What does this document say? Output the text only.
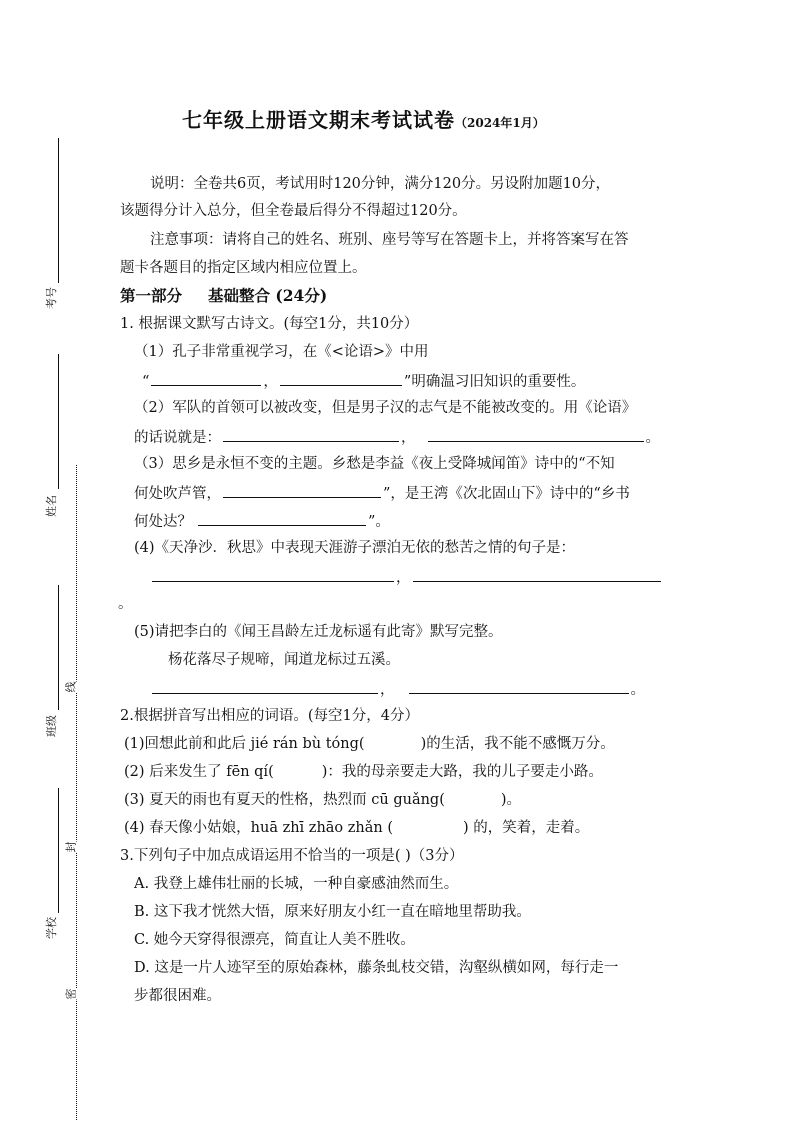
考号
姓名
班级
学校
线
封
密
七年级上册语文期末考试试卷（2024年1月）
说明：全卷共6页，考试用时120分钟，满分120分。另设附加题10分，
该题得分计入总分，但全卷最后得分不得超过120分。
注意事项：请将自己的姓名、班别、座号等写在答题卡上，并将答案写在答
题卡各题目的指定区域内相应位置上。
第一部分 基础整合 (24分)
1. 根据课文默写古诗文。(每空1分，共10分）
（1）孔子非常重视学习，在《<论语>》中用
“	，	”明确温习旧知识的重要性。
（2）军队的首领可以被改变，但是男子汉的志气是不能被改变的。用《论语》
的话说就是：	，	。
（3）思乡是永恒不变的主题。乡愁是李益《夜上受降城闻笛》诗中的“不知
何处吹芦管，	”，是王湾《次北固山下》诗中的“乡书
何处达？	”。
(4)《天净沙．秋思》中表现天涯游子漂泊无依的愁苦之情的句子是：
，
。
(5)请把李白的《闻王昌龄左迁龙标遥有此寄》默写完整。
杨花落尽子规啼，闻道龙标过五溪。
，	。
2.根据拼音写出相应的词语。(每空1分，4分）
(1)回想此前和此后 jié rán bù tóng(	)的生活，我不能不感慨万分。
(2) 后来发生了 fēn qí(	)：我的母亲要走大路，我的儿子要走小路。
(3) 夏天的雨也有夏天的性格，热烈而 cū guǎng(	)。
(4) 春天像小姑娘，huā zhī zhāo zhǎn (	) 的，笑着，走着。
3.下列句子中加点成语运用不恰当的一项是( )（3分）
A. 我登上雄伟壮丽的长城，一种自豪感油然而生。
B. 这下我才恍然大悟，原来好朋友小红一直在暗地里帮助我。
C. 她今天穿得很漂亮，简直让人美不胜收。
D. 这是一片人迹罕至的原始森林，藤条虬枝交错，沟壑纵横如网，每行走一
步都很困难。
